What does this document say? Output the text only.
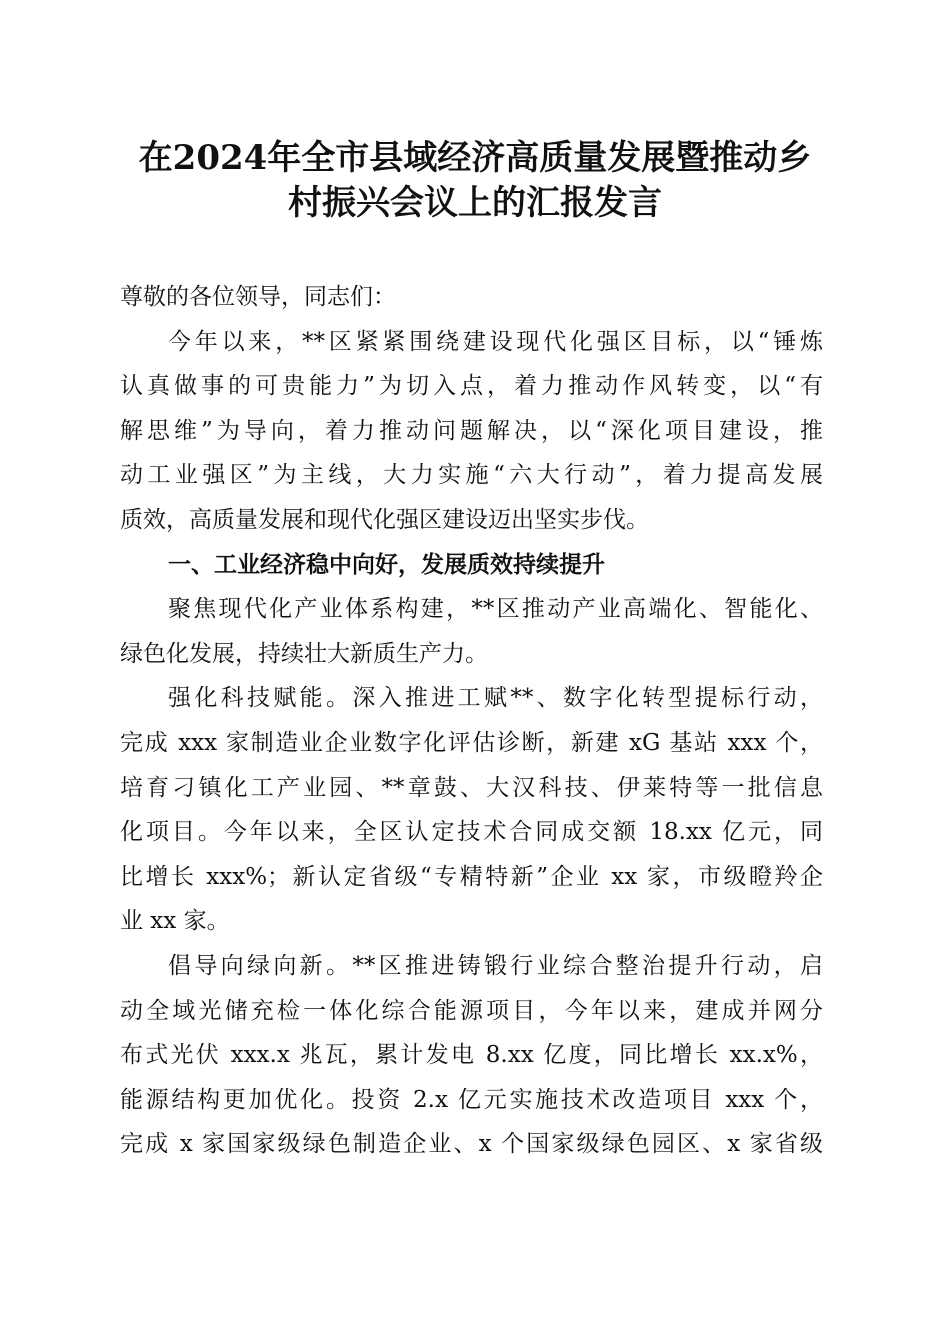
在2024年全市县域经济高质量发展暨推动乡
村振兴会议上的汇报发言
尊敬的各位领导，同志们：
今年以来，**区紧紧围绕建设现代化强区目标，以“锤炼
认真做事的可贵能力”为切入点，着力推动作风转变，以“有
解思维”为导向，着力推动问题解决，以“深化项目建设，推
动工业强区”为主线，大力实施“六大行动”，着力提高发展
质效，高质量发展和现代化强区建设迈出坚实步伐。
一、工业经济稳中向好，发展质效持续提升
聚焦现代化产业体系构建，**区推动产业高端化、智能化、
绿色化发展，持续壮大新质生产力。
强化科技赋能。深入推进工赋**、数字化转型提标行动，
完成 xxx 家制造业企业数字化评估诊断，新建 xG 基站 xxx 个，
培育刁镇化工产业园、**章鼓、大汉科技、伊莱特等一批信息
化项目。今年以来，全区认定技术合同成交额 18.xx 亿元，同
比增长 xxx%；新认定省级“专精特新”企业 xx 家，市级瞪羚企
业 xx 家。
倡导向绿向新。**区推进铸锻行业综合整治提升行动，启
动全域光储充检一体化综合能源项目，今年以来，建成并网分
布式光伏 xxx.x 兆瓦，累计发电 8.xx 亿度，同比增长 xx.x%，
能源结构更加优化。投资 2.x 亿元实施技术改造项目 xxx 个，
完成 x 家国家级绿色制造企业、x 个国家级绿色园区、x 家省级
